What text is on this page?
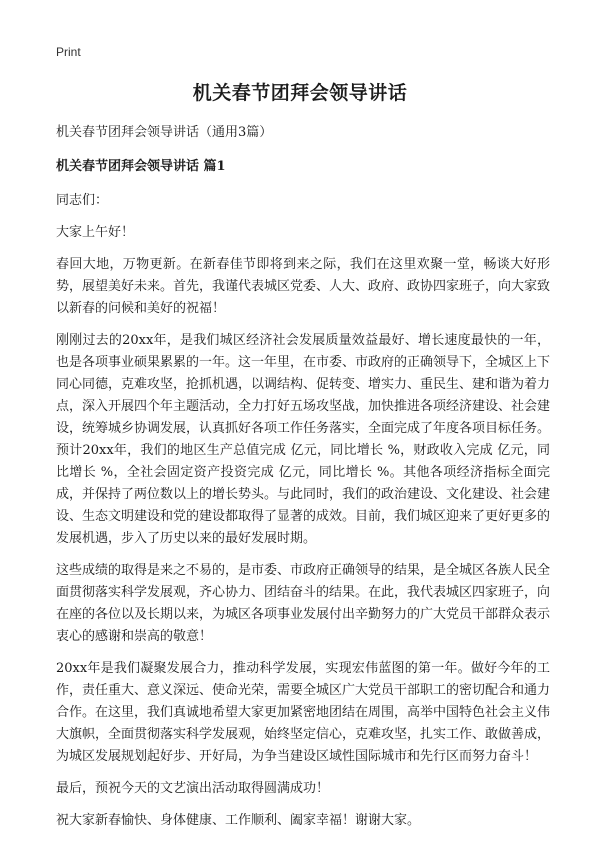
Print
机关春节团拜会领导讲话

机关春节团拜会领导讲话（通用3篇）

机关春节团拜会领导讲话 篇1

同志们：

大家上午好！

春回大地，万物更新。在新春佳节即将到来之际，我们在这里欢聚一堂，畅谈大好形势，展望美好未来。首先，我谨代表城区党委、人大、政府、政协四家班子，向大家致以新春的问候和美好的祝福！

刚刚过去的20xx年，是我们城区经济社会发展质量效益最好、增长速度最快的一年，也是各项事业硕果累累的一年。这一年里，在市委、市政府的正确领导下，全城区上下同心同德，克难攻坚，抢抓机遇，以调结构、促转变、增实力、重民生、建和谐为着力点，深入开展四个年主题活动，全力打好五场攻坚战，加快推进各项经济建设、社会建设，统筹城乡协调发展，认真抓好各项工作任务落实，全面完成了年度各项目标任务。预计20xx年，我们的地区生产总值完成 亿元，同比增长 %，财政收入完成 亿元，同比增长 %，全社会固定资产投资完成 亿元，同比增长 %。其他各项经济指标全面完成，并保持了两位数以上的增长势头。与此同时，我们的政治建设、文化建设、社会建设、生态文明建设和党的建设都取得了显著的成效。目前，我们城区迎来了更好更多的发展机遇，步入了历史以来的最好发展时期。

这些成绩的取得是来之不易的，是市委、市政府正确领导的结果，是全城区各族人民全面贯彻落实科学发展观，齐心协力、团结奋斗的结果。在此，我代表城区四家班子，向在座的各位以及长期以来，为城区各项事业发展付出辛勤努力的广大党员干部群众表示衷心的感谢和崇高的敬意！

20xx年是我们凝聚发展合力，推动科学发展，实现宏伟蓝图的第一年。做好今年的工作，责任重大、意义深远、使命光荣，需要全城区广大党员干部职工的密切配合和通力合作。在这里，我们真诚地希望大家更加紧密地团结在周围，高举中国特色社会主义伟大旗帜，全面贯彻落实科学发展观，始终坚定信心，克难攻坚，扎实工作、敢做善成，为城区发展规划起好步、开好局，为争当建设区域性国际城市和先行区而努力奋斗！

最后，预祝今天的文艺演出活动取得圆满成功！

祝大家新春愉快、身体健康、工作顺利、阖家幸福！谢谢大家。
